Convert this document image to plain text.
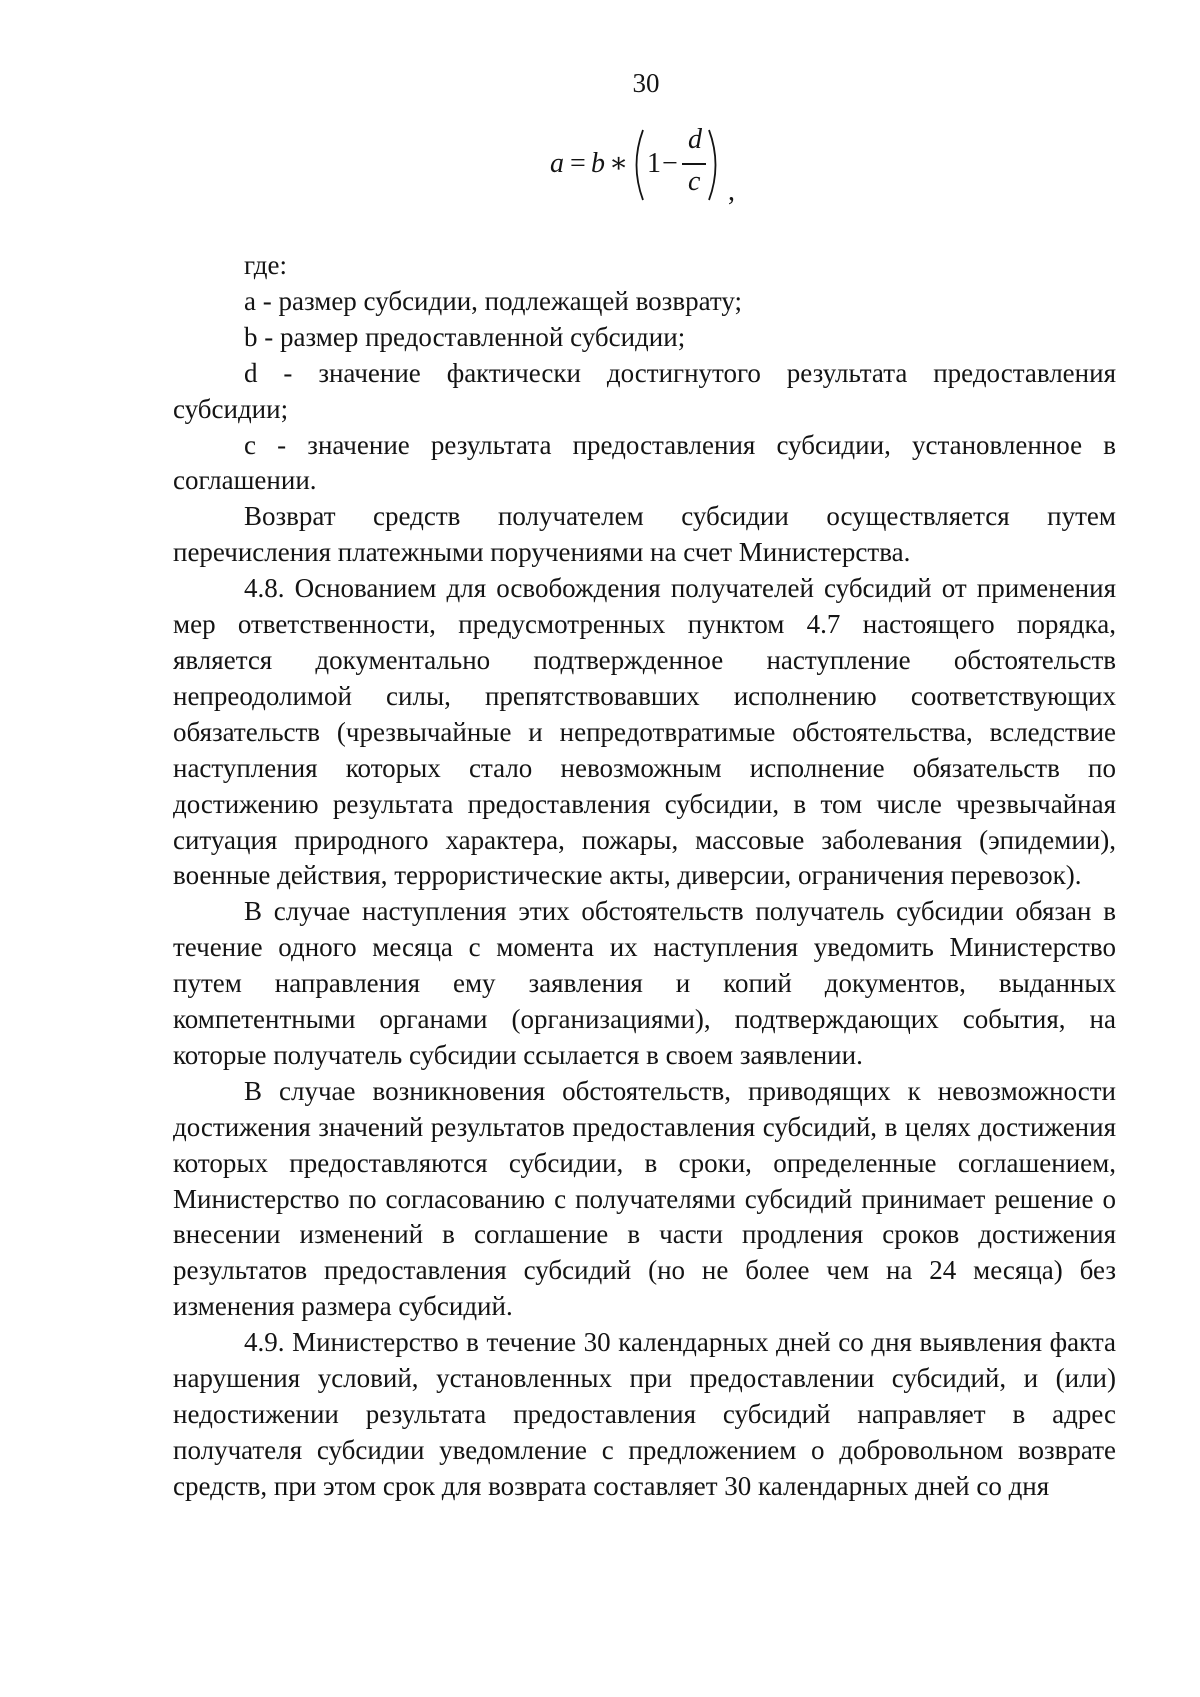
30
a = b ∗ 1 −
d
c ,

где:

a - размер субсидии, подлежащей возврату;

b - размер предоставленной субсидии;

d - значение фактически достигнутого результата предоставления субсидии;

c - значение результата предоставления субсидии, установленное в соглашении.

Возврат средств получателем субсидии осуществляется путем перечисления платежными поручениями на счет Министерства.

4.8. Основанием для освобождения получателей субсидий от применения мер ответственности, предусмотренных пунктом 4.7 настоящего порядка, является документально подтвержденное наступление обстоятельств непреодолимой силы, препятствовавших исполнению соответствующих обязательств (чрезвычайные и непредотвратимые обстоятельства, вследствие наступления которых стало невозможным исполнение обязательств по достижению результата предоставления субсидии, в том числе чрезвычайная ситуация природного характера, пожары, массовые заболевания (эпидемии), военные действия, террористические акты, диверсии, ограничения перевозок).

В случае наступления этих обстоятельств получатель субсидии обязан в течение одного месяца с момента их наступления уведомить Министерство путем направления ему заявления и копий документов, выданных компетентными органами (организациями), подтверждающих события, на которые получатель субсидии ссылается в своем заявлении.

В случае возникновения обстоятельств, приводящих к невозможности достижения значений результатов предоставления субсидий, в целях достижения которых предоставляются субсидии, в сроки, определенные соглашением, Министерство по согласованию с получателями субсидий принимает решение о внесении изменений в соглашение в части продления сроков достижения результатов предоставления субсидий (но не более чем на 24 месяца) без изменения размера субсидий.

4.9. Министерство в течение 30 календарных дней со дня выявления факта нарушения условий, установленных при предоставлении субсидий, и (или) недостижении результата предоставления субсидий направляет в адрес получателя субсидии уведомление с предложением о добровольном возврате средств, при этом срок для возврата составляет 30 календарных дней со дня
